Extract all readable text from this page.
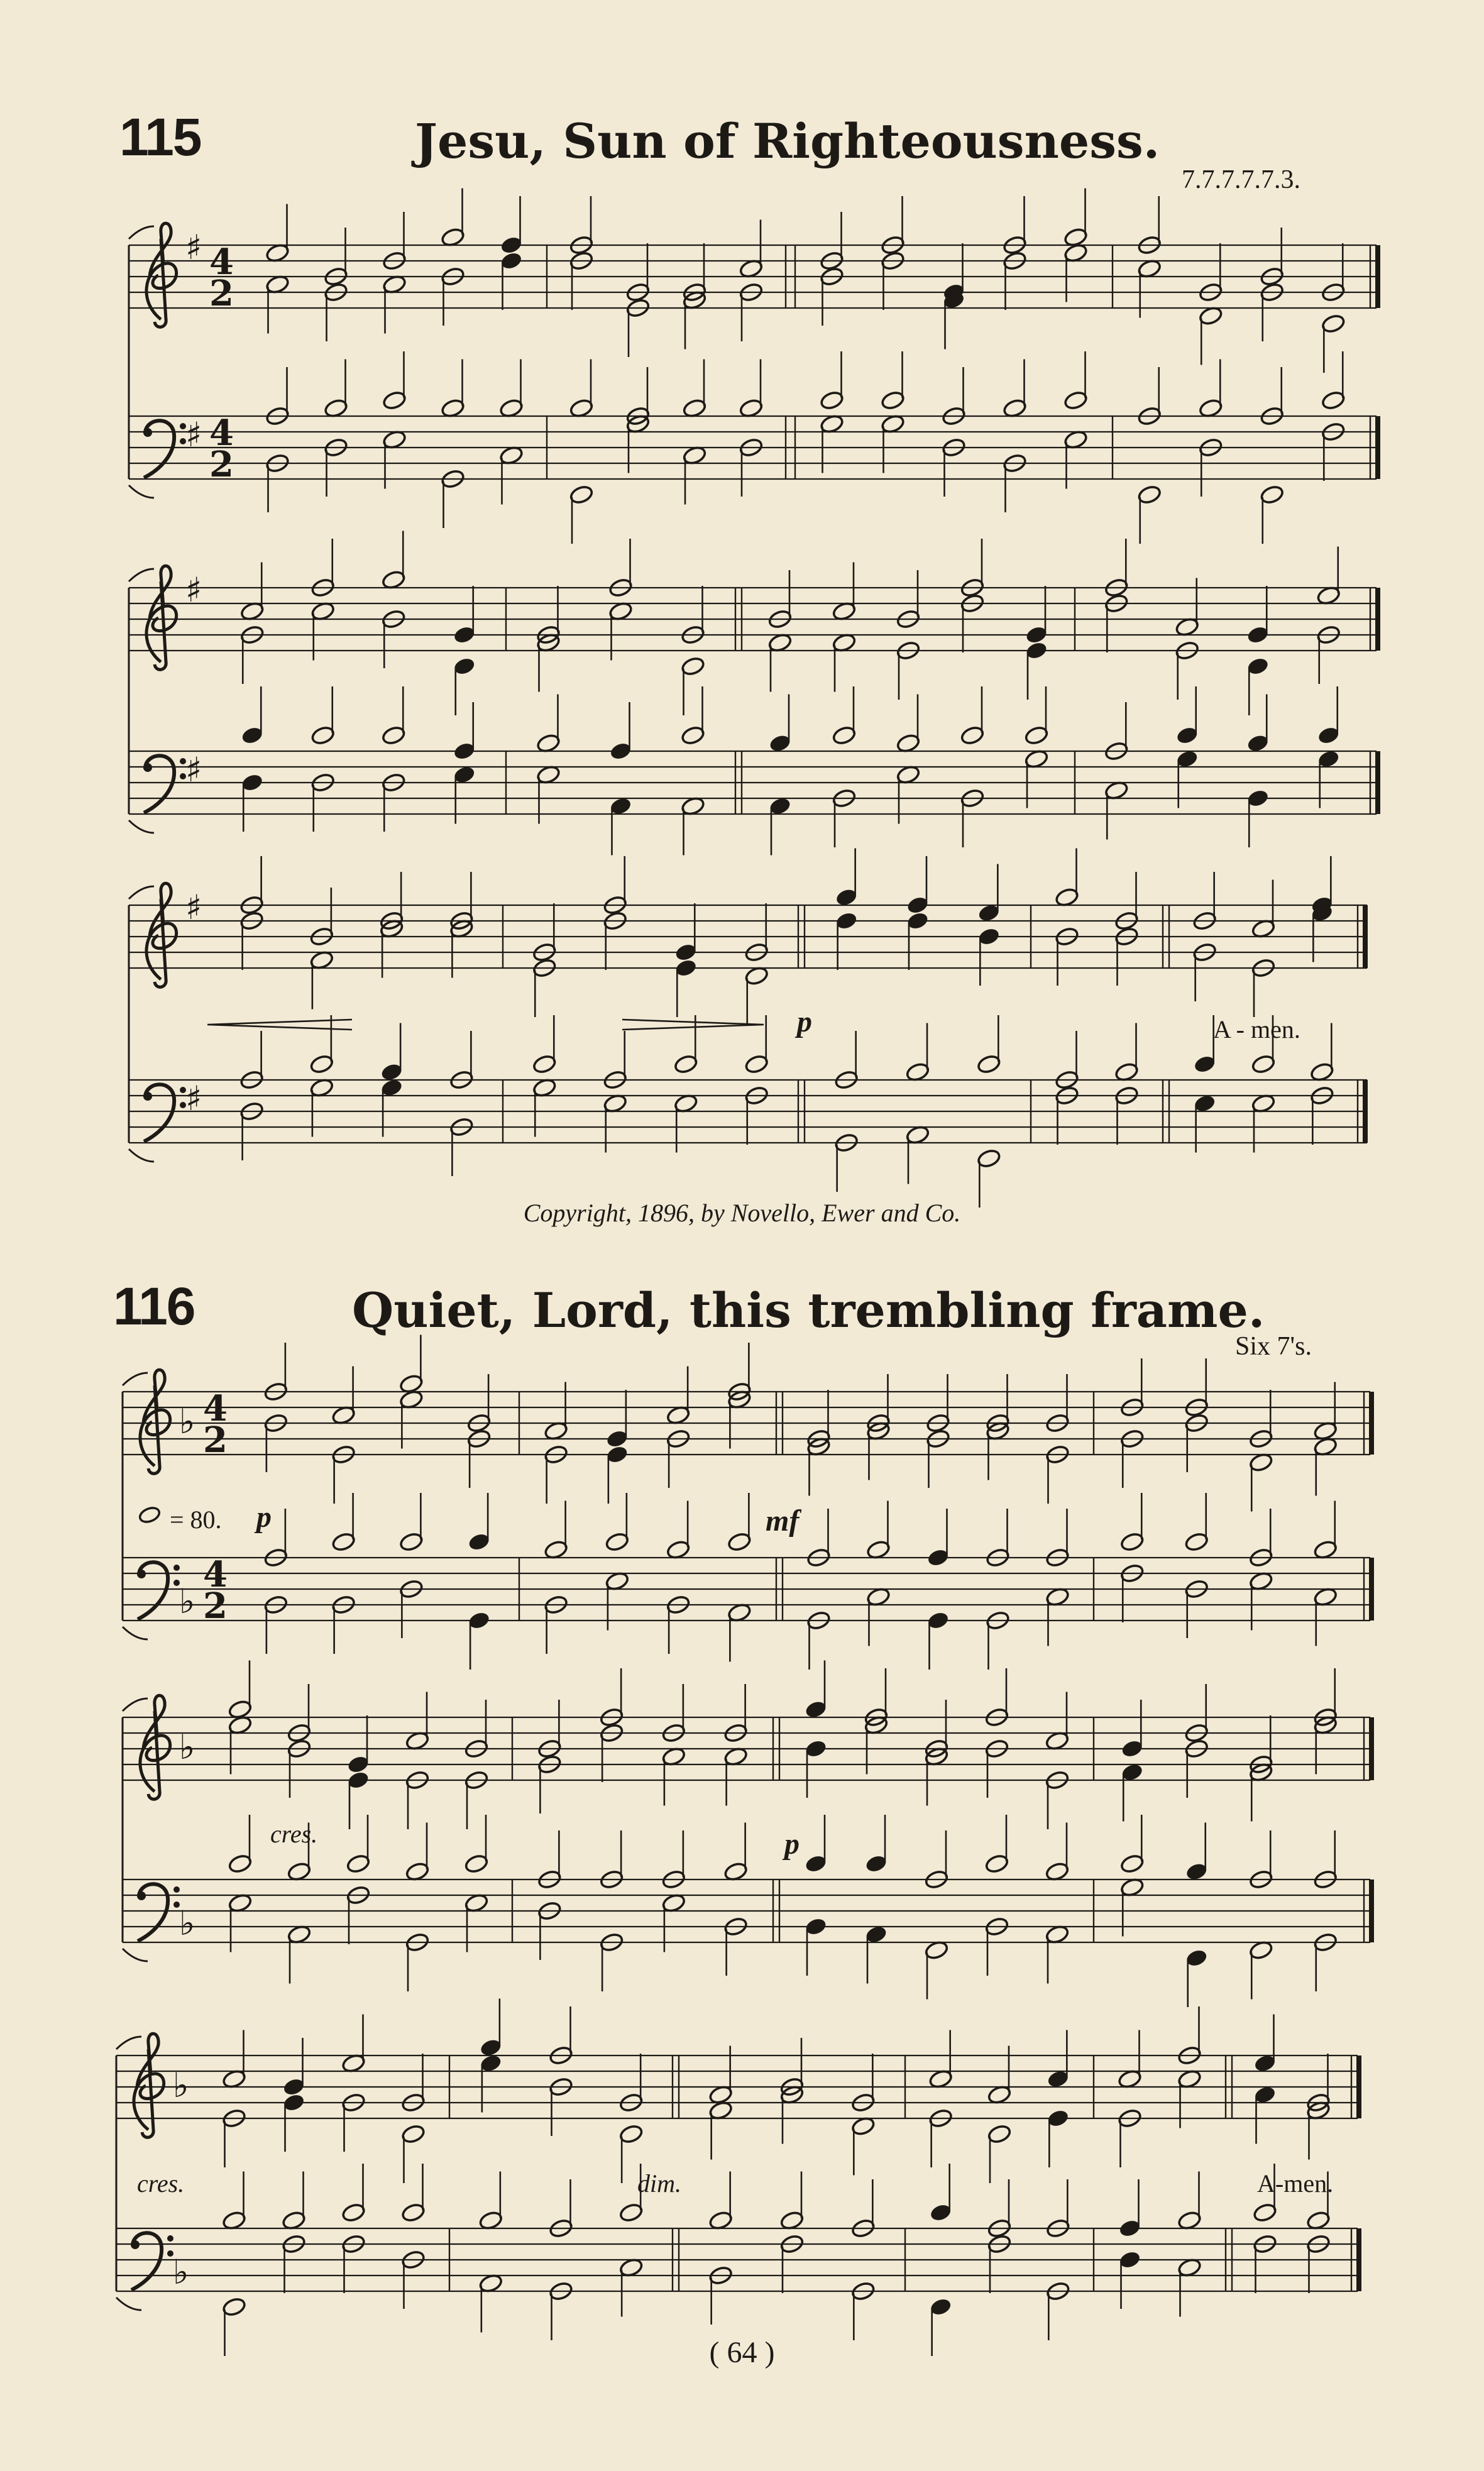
115	Jesu, Sun of Righteousness.
7.7.7.7.7.3.
p	A - men.
Copyright, 1896, by Novello, Ewer and Co.
116	Quiet, Lord, this trembling frame.
Six 7's.
= 80. p	mf
cres.	p
cres.	dim.	A-men.
( 64 )
♯
♯
4
2
4
2
♯
♯
♯
♯
♭
♭
4
2
4
2
♭
♭
♭
♭
